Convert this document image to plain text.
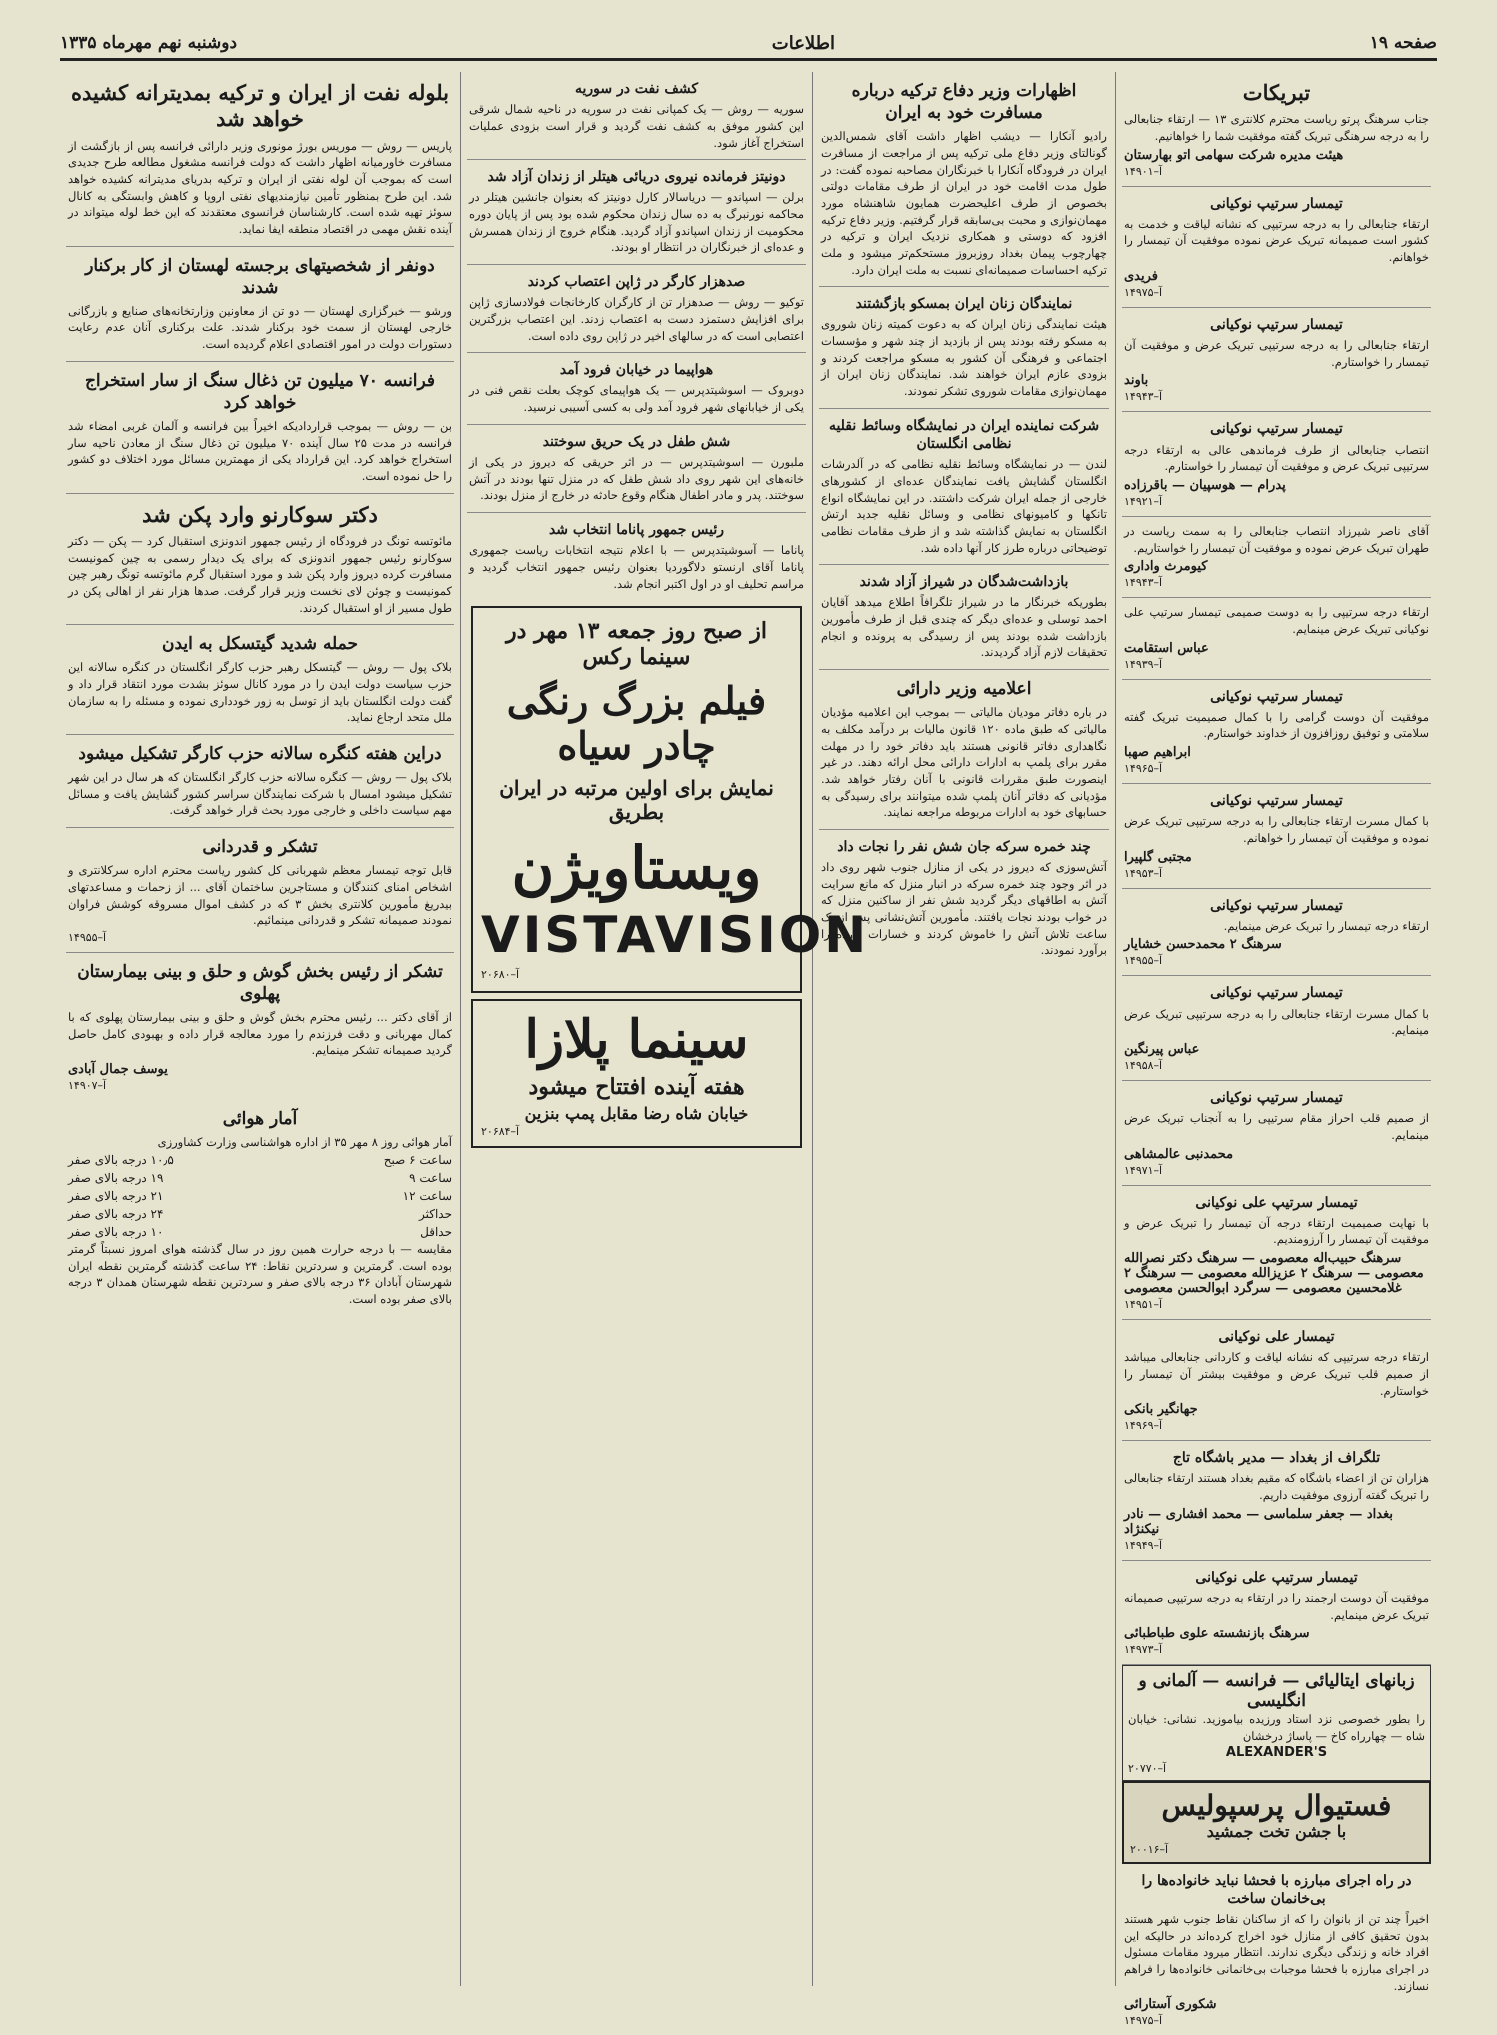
صفحه ۱۹
اطلاعات
دوشنبه نهم مهرماه ۱۳۳۵
تبریکات

جناب سرهنگ پرتو ریاست محترم کلانتری ۱۳ — ارتقاء جنابعالی را به درجه سرهنگی تبریک گفته موفقیت شما را خواهانیم.

هیئت مدیره شرکت سهامی اتو بهارستان
آ–۱۴۹۰۱
تیمسار سرتیپ نوکیانی

ارتقاء جنابعالی را به درجه سرتیپی که نشانه لیاقت و خدمت به کشور است صمیمانه تبریک عرض نموده موفقیت آن تیمسار را خواهانم.

فریدی
آ–۱۴۹۷۵
تیمسار سرتیپ نوکیانی

ارتقاء جنابعالی را به درجه سرتیپی تبریک عرض و موفقیت آن تیمسار را خواستارم.

باوند
آ–۱۴۹۴۳
تیمسار سرتیپ نوکیانی

انتصاب جنابعالی از طرف فرماندهی عالی به ارتقاء درجه سرتیپی تبریک عرض و موفقیت آن تیمسار را خواستارم.

پدرام — هوسپیان — باقرزاده
آ–۱۴۹۲۱

آقای ناصر شیرزاد انتصاب جنابعالی را به سمت ریاست در طهران تبریک عرض نموده و موفقیت آن تیمسار را خواستاریم.

کیومرث واداری
آ–۱۴۹۴۳

ارتقاء درجه سرتیپی را به دوست صمیمی تیمسار سرتیپ علی نوکیانی تبریک عرض مینمایم.

عباس استقامت
آ–۱۴۹۳۹
تیمسار سرتیپ نوکیانی

موفقیت آن دوست گرامی را با کمال صمیمیت تبریک گفته سلامتی و توفیق روزافزون از خداوند خواستارم.

ابراهیم صهبا
آ–۱۴۹۶۵
تیمسار سرتیپ نوکیانی

با کمال مسرت ارتقاء جنابعالی را به درجه سرتیپی تبریک عرض نموده و موفقیت آن تیمسار را خواهانم.

مجتبی گلپیرا
آ–۱۴۹۵۳
تیمسار سرتیپ نوکیانی

ارتقاء درجه تیمسار را تبریک عرض مینمایم.

سرهنگ ۲ محمدحسن خشایار
آ–۱۴۹۵۵
تیمسار سرتیپ نوکیانی

با کمال مسرت ارتقاء جنابعالی را به درجه سرتیپی تبریک عرض مینمایم.

عباس پیرنگین
آ–۱۴۹۵۸
تیمسار سرتیپ نوکیانی

از صمیم قلب احراز مقام سرتیپی را به آنجناب تبریک عرض مینمایم.

محمدنبی عالمشاهی
آ–۱۴۹۷۱
تیمسار سرتیپ علی نوکیانی

با نهایت صمیمیت ارتقاء درجه آن تیمسار را تبریک عرض و موفقیت آن تیمسار را آرزومندیم.

سرهنگ حبیب‌اله معصومی — سرهنگ دکتر نصرالله معصومی — سرهنگ ۲ عزیزالله معصومی — سرهنگ ۲ غلامحسین معصومی — سرگرد ابوالحسن معصومی
آ–۱۴۹۵۱
تیمسار علی نوکیانی

ارتقاء درجه سرتیپی که نشانه لیاقت و کاردانی جنابعالی میباشد از صمیم قلب تبریک عرض و موفقیت بیشتر آن تیمسار را خواستارم.

جهانگیر بانکی
آ–۱۴۹۶۹
تلگراف از بغداد — مدیر باشگاه تاج

هزاران تن از اعضاء باشگاه که مقیم بغداد هستند ارتقاء جنابعالی را تبریک گفته آرزوی موفقیت داریم.

بغداد — جعفر سلماسی — محمد افشاری — نادر نیکنژاد
آ–۱۴۹۴۹
تیمسار سرتیپ علی نوکیانی

موفقیت آن دوست ارجمند را در ارتقاء به درجه سرتیپی صمیمانه تبریک عرض مینمایم.

سرهنگ بازنشسته علوی طباطبائی
آ–۱۴۹۷۳
زبانهای ایتالیائی — فرانسه — آلمانی و انگلیسی

را بطور خصوصی نزد استاد ورزیده بیاموزید. نشانی: خیابان شاه — چهارراه کاخ — پاساژ درخشان

ALEXANDER'S
آ–۲۰۷۷۰
فستیوال پرسپولیس
با جشن تخت جمشید
آ–۲۰۰۱۶
در راه اجرای مبارزه با فحشا نباید خانواده‌ها را بی‌خانمان ساخت

اخیراً چند تن از بانوان را که از ساکنان نقاط جنوب شهر هستند بدون تحقیق کافی از منازل خود اخراج کرده‌اند در حالیکه این افراد خانه و زندگی دیگری ندارند. انتظار میرود مقامات مسئول در اجرای مبارزه با فحشا موجبات بی‌خانمانی خانواده‌ها را فراهم نسازند.

شکوری آستارائی
آ–۱۴۹۷۵
اظهارات وزیر دفاع ترکیه درباره مسافرت خود به ایران

رادیو آنکارا — دیشب اظهار داشت آقای شمس‌الدین گونالتای وزیر دفاع ملی ترکیه پس از مراجعت از مسافرت ایران در فرودگاه آنکارا با خبرنگاران مصاحبه نموده گفت: در طول مدت اقامت خود در ایران از طرف مقامات دولتی بخصوص از طرف اعلیحضرت همایون شاهنشاه مورد مهمان‌نوازی و محبت بی‌سابقه قرار گرفتیم. وزیر دفاع ترکیه افزود که دوستی و همکاری نزدیک ایران و ترکیه در چهارچوب پیمان بغداد روزبروز مستحکم‌تر میشود و ملت ترکیه احساسات صمیمانه‌ای نسبت به ملت ایران دارد.

نمایندگان زنان ایران بمسکو بازگشتند

هیئت نمایندگی زنان ایران که به دعوت کمیته زنان شوروی به مسکو رفته بودند پس از بازدید از چند شهر و مؤسسات اجتماعی و فرهنگی آن کشور به مسکو مراجعت کردند و بزودی عازم ایران خواهند شد. نمایندگان زنان ایران از مهمان‌نوازی مقامات شوروی تشکر نمودند.

شرکت نماینده ایران در نمایشگاه وسائط نقلیه نظامی انگلستان

لندن — در نمایشگاه وسائط نقلیه نظامی که در آلدرشات انگلستان گشایش یافت نمایندگان عده‌ای از کشورهای خارجی از جمله ایران شرکت داشتند. در این نمایشگاه انواع تانکها و کامیونهای نظامی و وسائل نقلیه جدید ارتش انگلستان به نمایش گذاشته شد و از طرف مقامات نظامی توضیحاتی درباره طرز کار آنها داده شد.

بازداشت‌شدگان در شیراز آزاد شدند

بطوریکه خبرنگار ما در شیراز تلگرافاً اطلاع میدهد آقایان احمد توسلی و عده‌ای دیگر که چندی قبل از طرف مأمورین بازداشت شده بودند پس از رسیدگی به پرونده و انجام تحقیقات لازم آزاد گردیدند.

اعلامیه وزیر دارائی

در باره دفاتر مودیان مالیاتی — بموجب این اعلامیه مؤدیان مالیاتی که طبق ماده ۱۲۰ قانون مالیات بر درآمد مکلف به نگاهداری دفاتر قانونی هستند باید دفاتر خود را در مهلت مقرر برای پلمپ به ادارات دارائی محل ارائه دهند. در غیر اینصورت طبق مقررات قانونی با آنان رفتار خواهد شد. مؤدیانی که دفاتر آنان پلمپ شده میتوانند برای رسیدگی به حسابهای خود به ادارات مربوطه مراجعه نمایند.

چند خمره سرکه جان شش نفر را نجات داد

آتش‌سوزی که دیروز در یکی از منازل جنوب شهر روی داد در اثر وجود چند خمره سرکه در انبار منزل که مانع سرایت آتش به اطاقهای دیگر گردید شش نفر از ساکنین منزل که در خواب بودند نجات یافتند. مأمورین آتش‌نشانی پس از یک ساعت تلاش آتش را خاموش کردند و خسارات وارده را برآورد نمودند.

کشف نفت در سوریه

سوریه — روش — یک کمپانی نفت در سوریه در ناحیه شمال شرقی این کشور موفق به کشف نفت گردید و قرار است بزودی عملیات استخراج آغاز شود.

دونیتز فرمانده نیروی دریائی هیتلر از زندان آزاد شد

برلن — اسپاندو — دریاسالار کارل دونیتز که بعنوان جانشین هیتلر در محاکمه نورنبرگ به ده سال زندان محکوم شده بود پس از پایان دوره محکومیت از زندان اسپاندو آزاد گردید. هنگام خروج از زندان همسرش و عده‌ای از خبرنگاران در انتظار او بودند.

صدهزار کارگر در ژاپن اعتصاب کردند

توکیو — روش — صدهزار تن از کارگران کارخانجات فولادسازی ژاپن برای افزایش دستمزد دست به اعتصاب زدند. این اعتصاب بزرگترین اعتصابی است که در سالهای اخیر در ژاپن روی داده است.

هواپیما در خیابان فرود آمد

دوبروک — اسوشیتدپرس — یک هواپیمای کوچک بعلت نقص فنی در یکی از خیابانهای شهر فرود آمد ولی به کسی آسیبی نرسید.

شش طفل در یک حریق سوختند

ملبورن — اسوشیتدپرس — در اثر حریقی که دیروز در یکی از خانه‌های این شهر روی داد شش طفل که در منزل تنها بودند در آتش سوختند. پدر و مادر اطفال هنگام وقوع حادثه در خارج از منزل بودند.

رئیس جمهور پاناما انتخاب شد

پاناما — آسوشیتدپرس — با اعلام نتیجه انتخابات ریاست جمهوری پاناما آقای ارنستو دلاگوردیا بعنوان رئیس جمهور انتخاب گردید و مراسم تحلیف او در اول اکتبر انجام شد.

از صبح روز جمعه ۱۳ مهر در سینما رکس
فیلم بزرگ رنگی چادر سیاه
نمایش برای اولین مرتبه در ایران بطریق
ویستاویژن
VISTAVISION
آ–۲۰۶۸۰
سینما پلازا
هفته آینده افتتاح میشود
خیابان شاه رضا مقابل پمپ بنزین
آ–۲۰۶۸۴
بلوله نفت از ایران و ترکیه بمدیترانه کشیده خواهد شد

پاریس — روش — موریس بورژ مونوری وزیر دارائی فرانسه پس از بازگشت از مسافرت خاورمیانه اظهار داشت که دولت فرانسه مشغول مطالعه طرح جدیدی است که بموجب آن لوله نفتی از ایران و ترکیه بدریای مدیترانه کشیده خواهد شد. این طرح بمنظور تأمین نیازمندیهای نفتی اروپا و کاهش وابستگی به کانال سوئز تهیه شده است. کارشناسان فرانسوی معتقدند که این خط لوله میتواند در آینده نقش مهمی در اقتصاد منطقه ایفا نماید.

دونفر از شخصیتهای برجسته لهستان از کار برکنار شدند

ورشو — خبرگزاری لهستان — دو تن از معاونین وزارتخانه‌های صنایع و بازرگانی خارجی لهستان از سمت خود برکنار شدند. علت برکناری آنان عدم رعایت دستورات دولت در امور اقتصادی اعلام گردیده است.

فرانسه ۷۰ میلیون تن ذغال سنگ از سار استخراج خواهد کرد

بن — روش — بموجب قراردادیکه اخیراً بین فرانسه و آلمان غربی امضاء شد فرانسه در مدت ۲۵ سال آینده ۷۰ میلیون تن ذغال سنگ از معادن ناحیه سار استخراج خواهد کرد. این قرارداد یکی از مهمترین مسائل مورد اختلاف دو کشور را حل نموده است.

دکتر سوکارنو وارد پکن شد

مائوتسه تونگ در فرودگاه از رئیس جمهور اندونزی استقبال کرد — پکن — دکتر سوکارنو رئیس جمهور اندونزی که برای یک دیدار رسمی به چین کمونیست مسافرت کرده دیروز وارد پکن شد و مورد استقبال گرم مائوتسه تونگ رهبر چین کمونیست و چوئن لای نخست وزیر قرار گرفت. صدها هزار نفر از اهالی پکن در طول مسیر از او استقبال کردند.

حمله شدید گیتسکل به ایدن

بلاک پول — روش — گیتسکل رهبر حزب کارگر انگلستان در کنگره سالانه این حزب سیاست دولت ایدن را در مورد کانال سوئز بشدت مورد انتقاد قرار داد و گفت دولت انگلستان باید از توسل به زور خودداری نموده و مسئله را به سازمان ملل متحد ارجاع نماید.

دراین هفته کنگره سالانه حزب کارگر تشکیل میشود

بلاک پول — روش — کنگره سالانه حزب کارگر انگلستان که هر سال در این شهر تشکیل میشود امسال با شرکت نمایندگان سراسر کشور گشایش یافت و مسائل مهم سیاست داخلی و خارجی مورد بحث قرار خواهد گرفت.

تشکر و قدردانی

قابل توجه تیمسار معظم شهربانی کل کشور ریاست محترم اداره سرکلانتری و اشخاص امنای کنندگان و مستاجرین ساختمان آقای ... از زحمات و مساعدتهای بیدریغ مأمورین کلانتری بخش ۳ که در کشف اموال مسروقه کوشش فراوان نمودند صمیمانه تشکر و قدردانی مینمائیم.

آ–۱۴۹۵۵
تشکر از رئیس بخش گوش و حلق و بینی بیمارستان پهلوی

از آقای دکتر ... رئیس محترم بخش گوش و حلق و بینی بیمارستان پهلوی که با کمال مهربانی و دقت فرزندم را مورد معالجه قرار داده و بهبودی کامل حاصل گردید صمیمانه تشکر مینمایم.

یوسف جمال آبادی
آ–۱۴۹۰۷
آمار هوائی

آمار هوائی روز ۸ مهر ۳۵ از اداره هواشناسی وزارت کشاورزی

ساعت ۶ صبح
۱۰٫۵ درجه بالای صفر
ساعت ۹
۱۹ درجه بالای صفر
ساعت ۱۲
۲۱ درجه بالای صفر
حداکثر
۲۴ درجه بالای صفر
حداقل
۱۰ درجه بالای صفر

مقایسه — با درجه حرارت همین روز در سال گذشته هوای امروز نسبتاً گرمتر بوده است. گرمترین و سردترین نقاط: ۲۴ ساعت گذشته گرمترین نقطه ایران شهرستان آبادان ۳۶ درجه بالای صفر و سردترین نقطه شهرستان همدان ۳ درجه بالای صفر بوده است.
